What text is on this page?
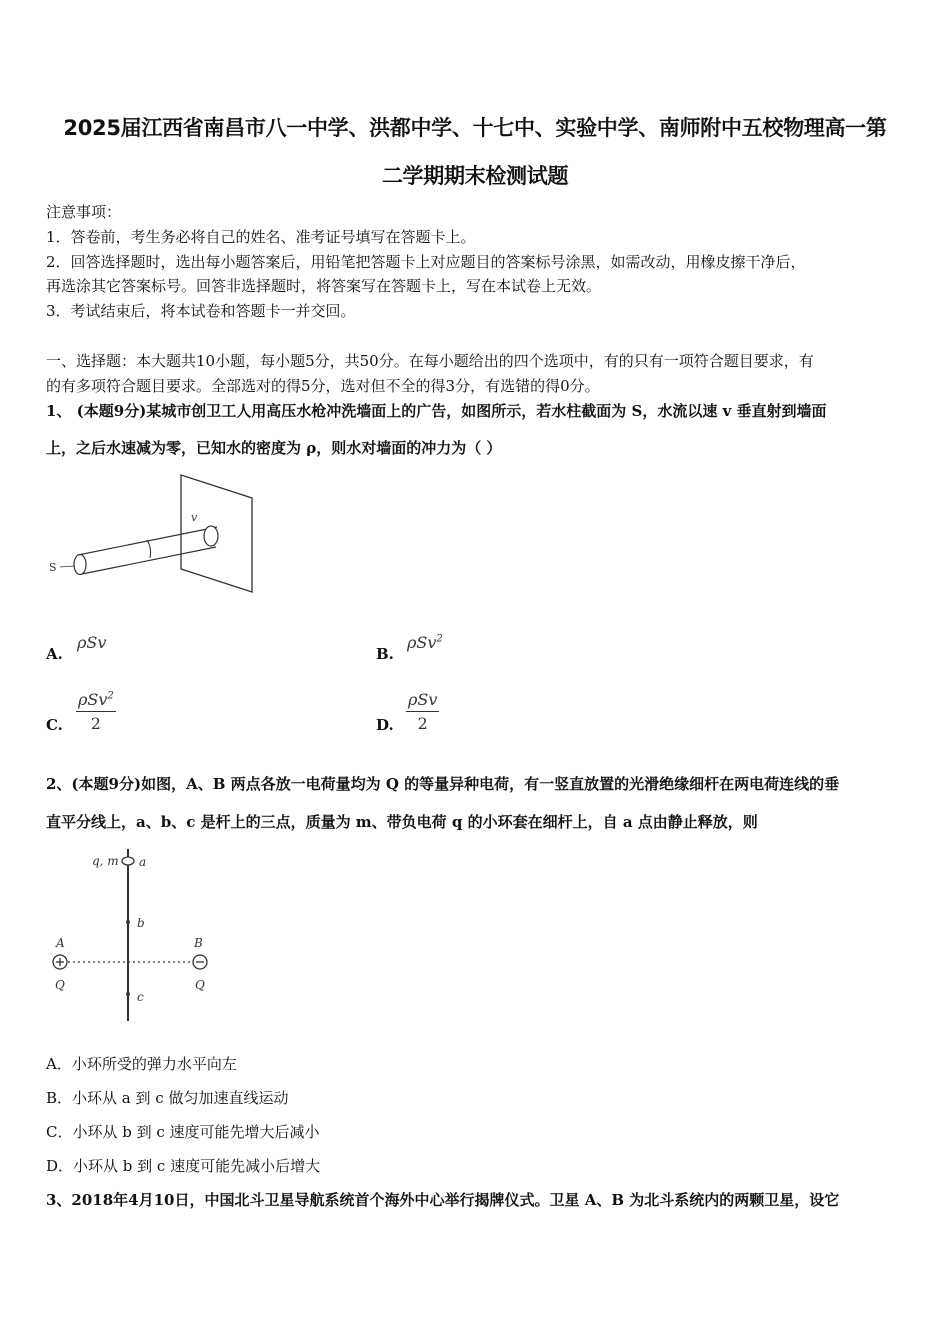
2025届江西省南昌市八一中学、洪都中学、十七中、实验中学、南师附中五校物理高一第
二学期期末检测试题
注意事项：
1．答卷前，考生务必将自己的姓名、准考证号填写在答题卡上。
2．回答选择题时，选出每小题答案后，用铅笔把答题卡上对应题目的答案标号涂黑，如需改动，用橡皮擦干净后，
再选涂其它答案标号。回答非选择题时，将答案写在答题卡上，写在本试卷上无效。
3．考试结束后，将本试卷和答题卡一并交回。
一、选择题：本大题共10小题，每小题5分，共50分。在每小题给出的四个选项中，有的只有一项符合题目要求，有
的有多项符合题目要求。全部选对的得5分，选对但不全的得3分，有选错的得0分。
1、 (本题9分)某城市创卫工人用高压水枪冲洗墙面上的广告，如图所示，若水柱截面为 S，水流以速 v 垂直射到墙面
上，之后水速减为零，已知水的密度为 ρ，则水对墙面的冲力为（ ）
S
v
A.
ρSv
B.
ρSv$^2$
C.
ρSv$^2$
2	D.
ρSv
2
2、(本题9分)如图，A、B 两点各放一电荷量均为 Q 的等量异种电荷，有一竖直放置的光滑绝缘细杆在两电荷连线的垂
直平分线上，a、b、c 是杆上的三点，质量为 m、带负电荷 q 的小环套在细杆上，自 a 点由静止释放，则
q, m a
b
c
A	B
Q	Q
A．小环所受的弹力水平向左
B．小环从 a 到 c 做匀加速直线运动
C．小环从 b 到 c 速度可能先增大后减小
D．小环从 b 到 c 速度可能先减小后增大
3、2018年4月10日，中国北斗卫星导航系统首个海外中心举行揭牌仪式。卫星 A、B 为北斗系统内的两颗卫星，设它
